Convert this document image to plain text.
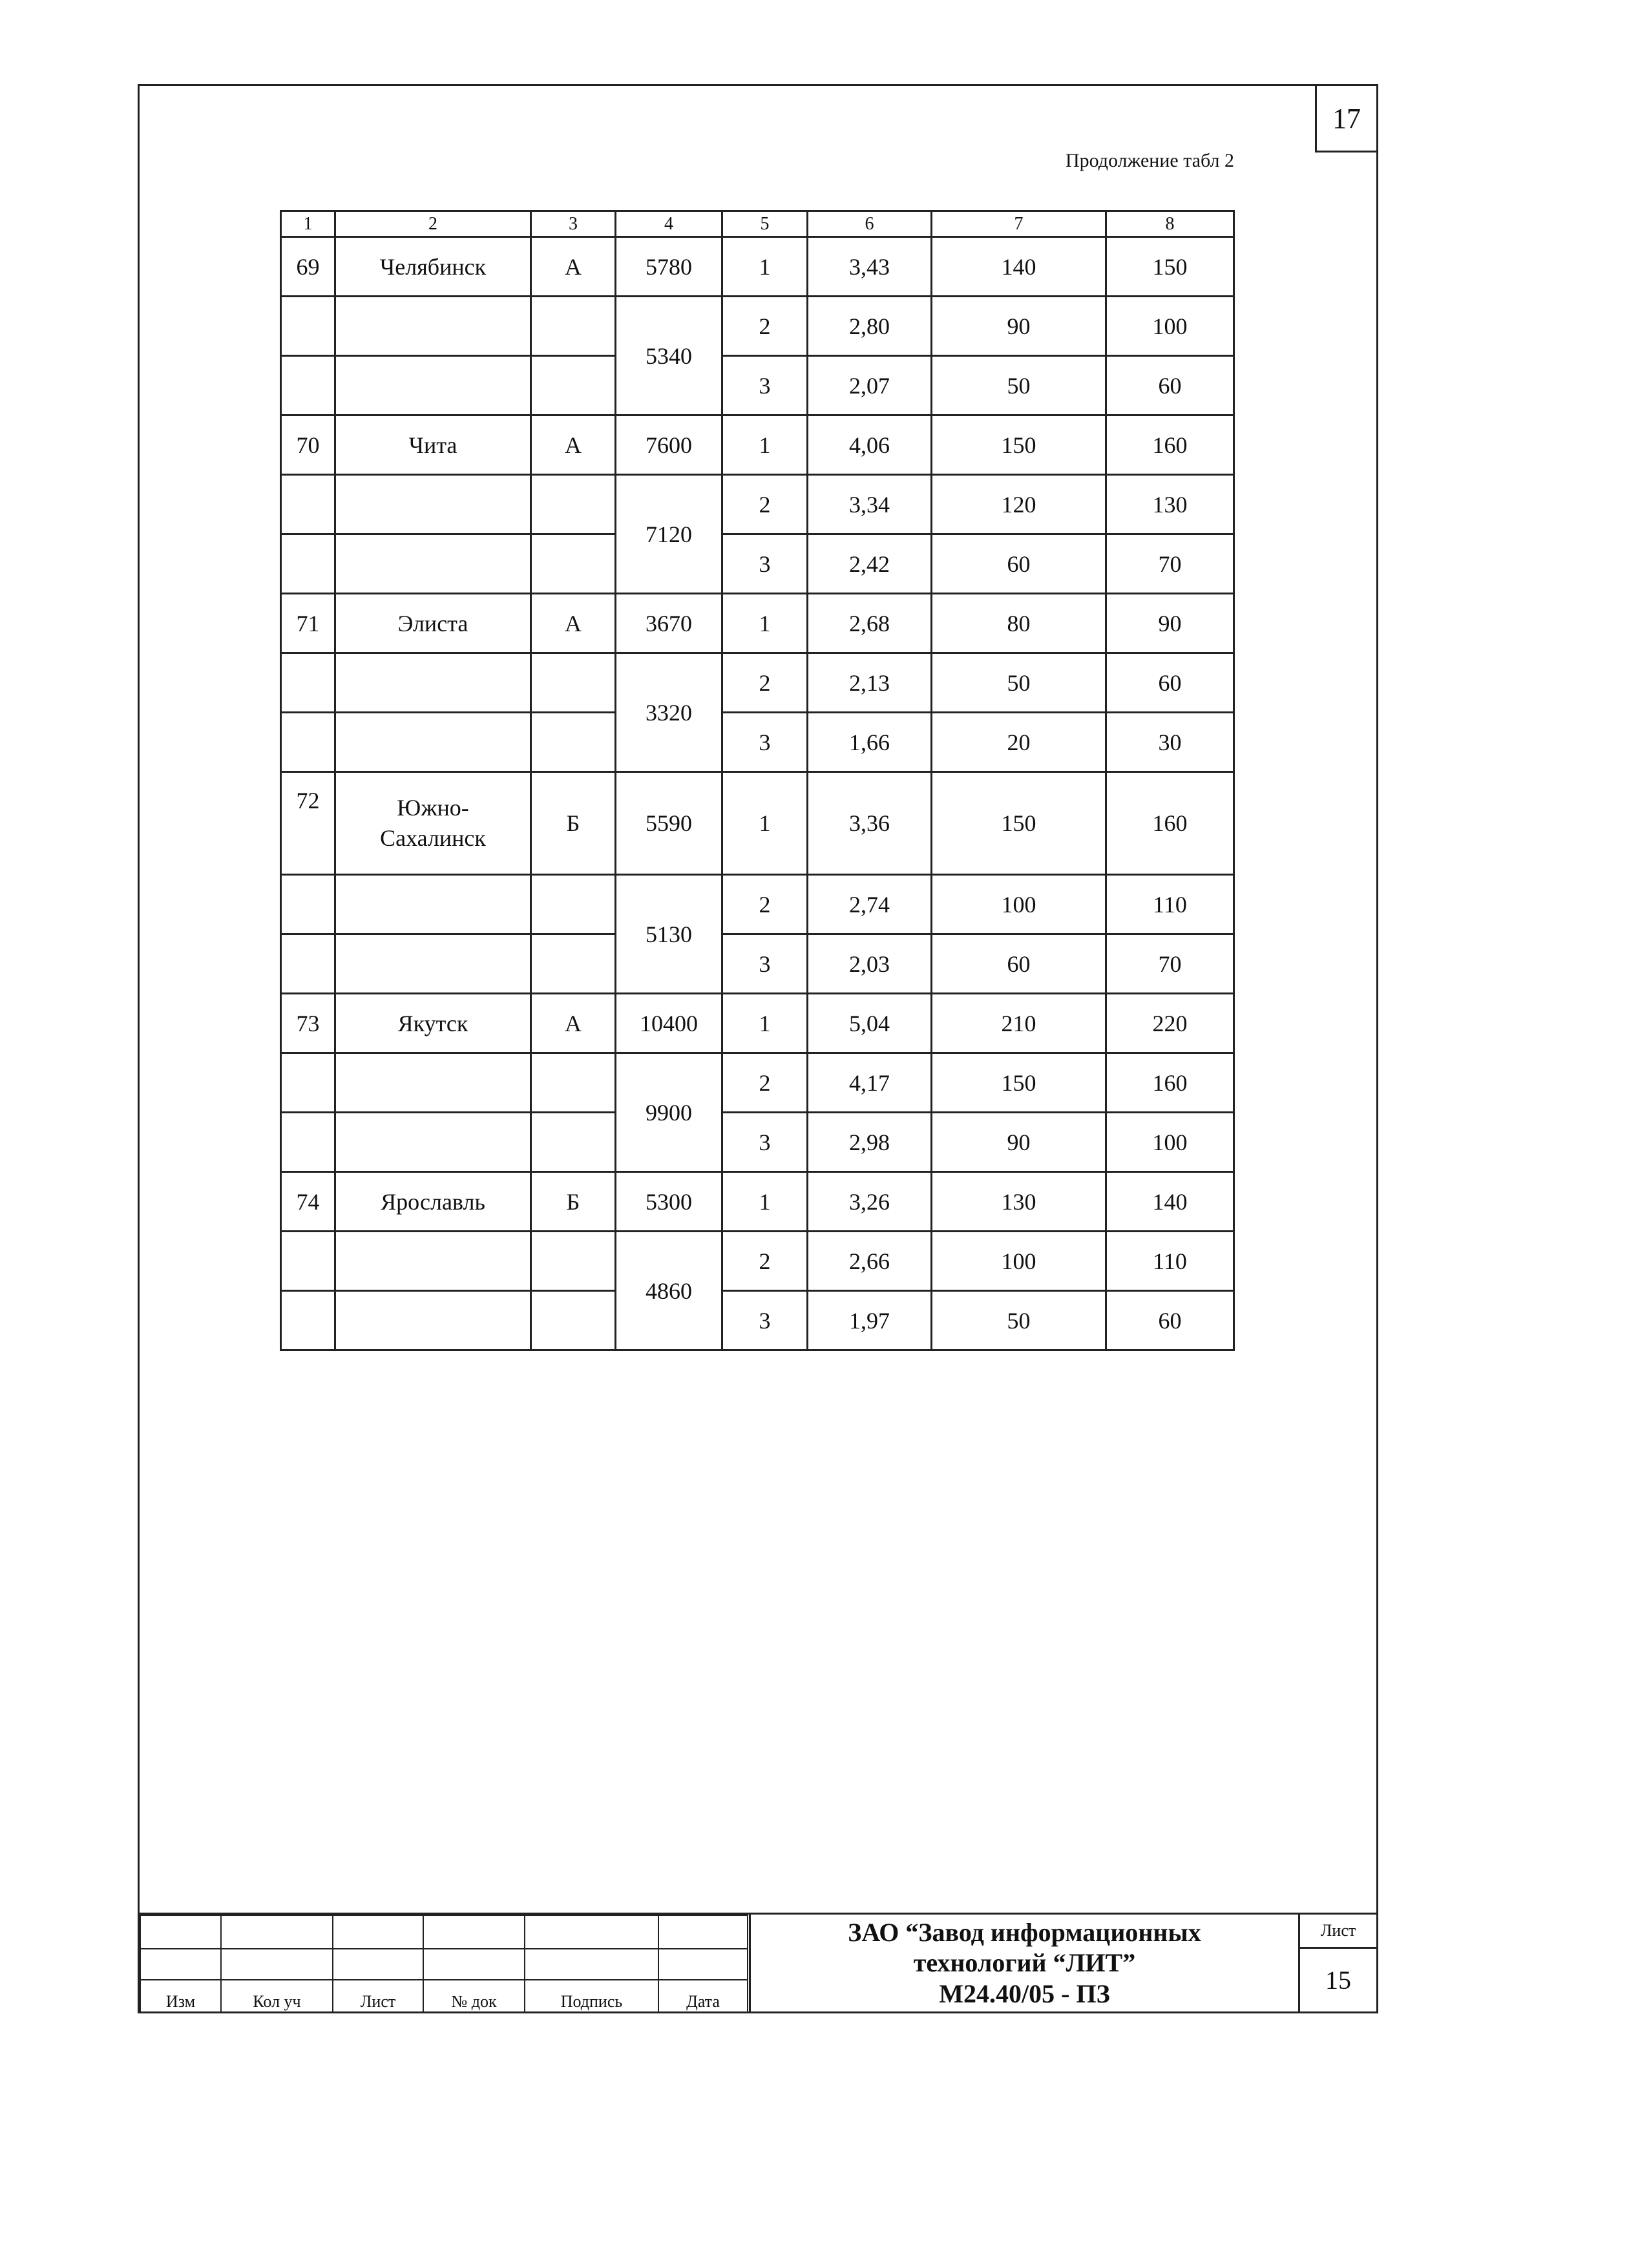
17
Продолжение табл 2
1	2	3	4	5	6	7	8
69	Челябинск	А	5780	1	3,43	140	150
			5340	2	2,80	90	100
				3	2,07	50	60
70	Чита	А	7600	1	4,06	150	160
			7120	2	3,34	120	130
				3	2,42	60	70
71	Элиста	А	3670	1	2,68	80	90
			3320	2	2,13	50	60
				3	1,66	20	30
72	Южно-
Сахалинск	Б	5590	1	3,36	150	160
			5130	2	2,74	100	110
				3	2,03	60	70
73	Якутск	А	10400	1	5,04	210	220
			9900	2	4,17	150	160
				3	2,98	90	100
74	Ярославль	Б	5300	1	3,26	130	140
			4860	2	2,66	100	110
				3	1,97	50	60

Изм	Кол уч	Лист	№ док	Подпись	Дата
ЗАО “Завод информационных
технологий “ЛИТ”
М24.40/05 - ПЗ
Лист
15
